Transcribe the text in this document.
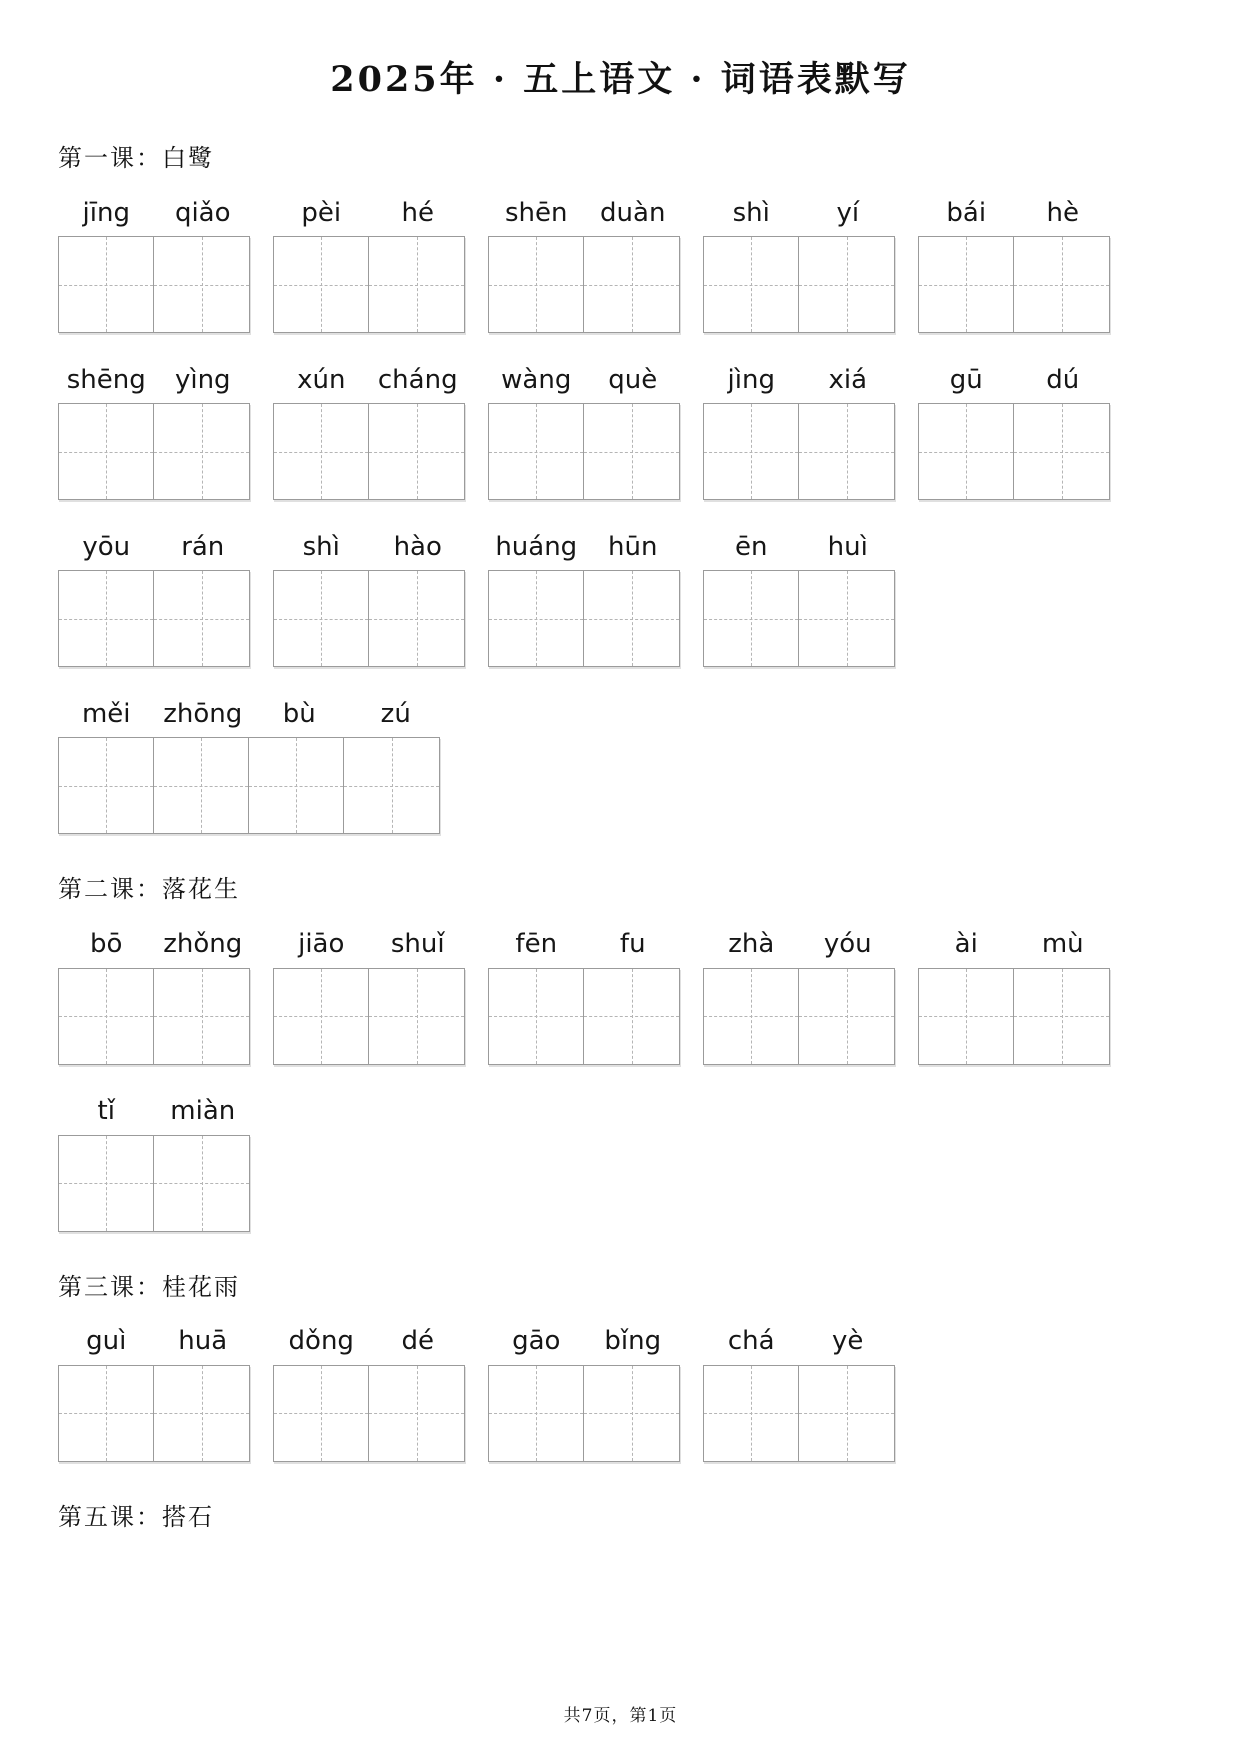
2025年 · 五上语文 · 词语表默写
第一课：白鹭
jīng	qiǎo	pèi	hé	shēn	duàn	shì	yí	bái	hè
shēng	yìng	xún	cháng	wàng	què	jìng	xiá	gū	dú
yōu	rán	shì	hào	huáng	hūn	ēn	huì
měi	zhōng	bù	zú
第二课：落花生
bō	zhǒng	jiāo	shuǐ	fēn	fu	zhà	yóu	ài	mù
tǐ	miàn
第三课：桂花雨
guì	huā	dǒng	dé	gāo	bǐng	chá	yè
第五课：搭石
共7页，第1页
